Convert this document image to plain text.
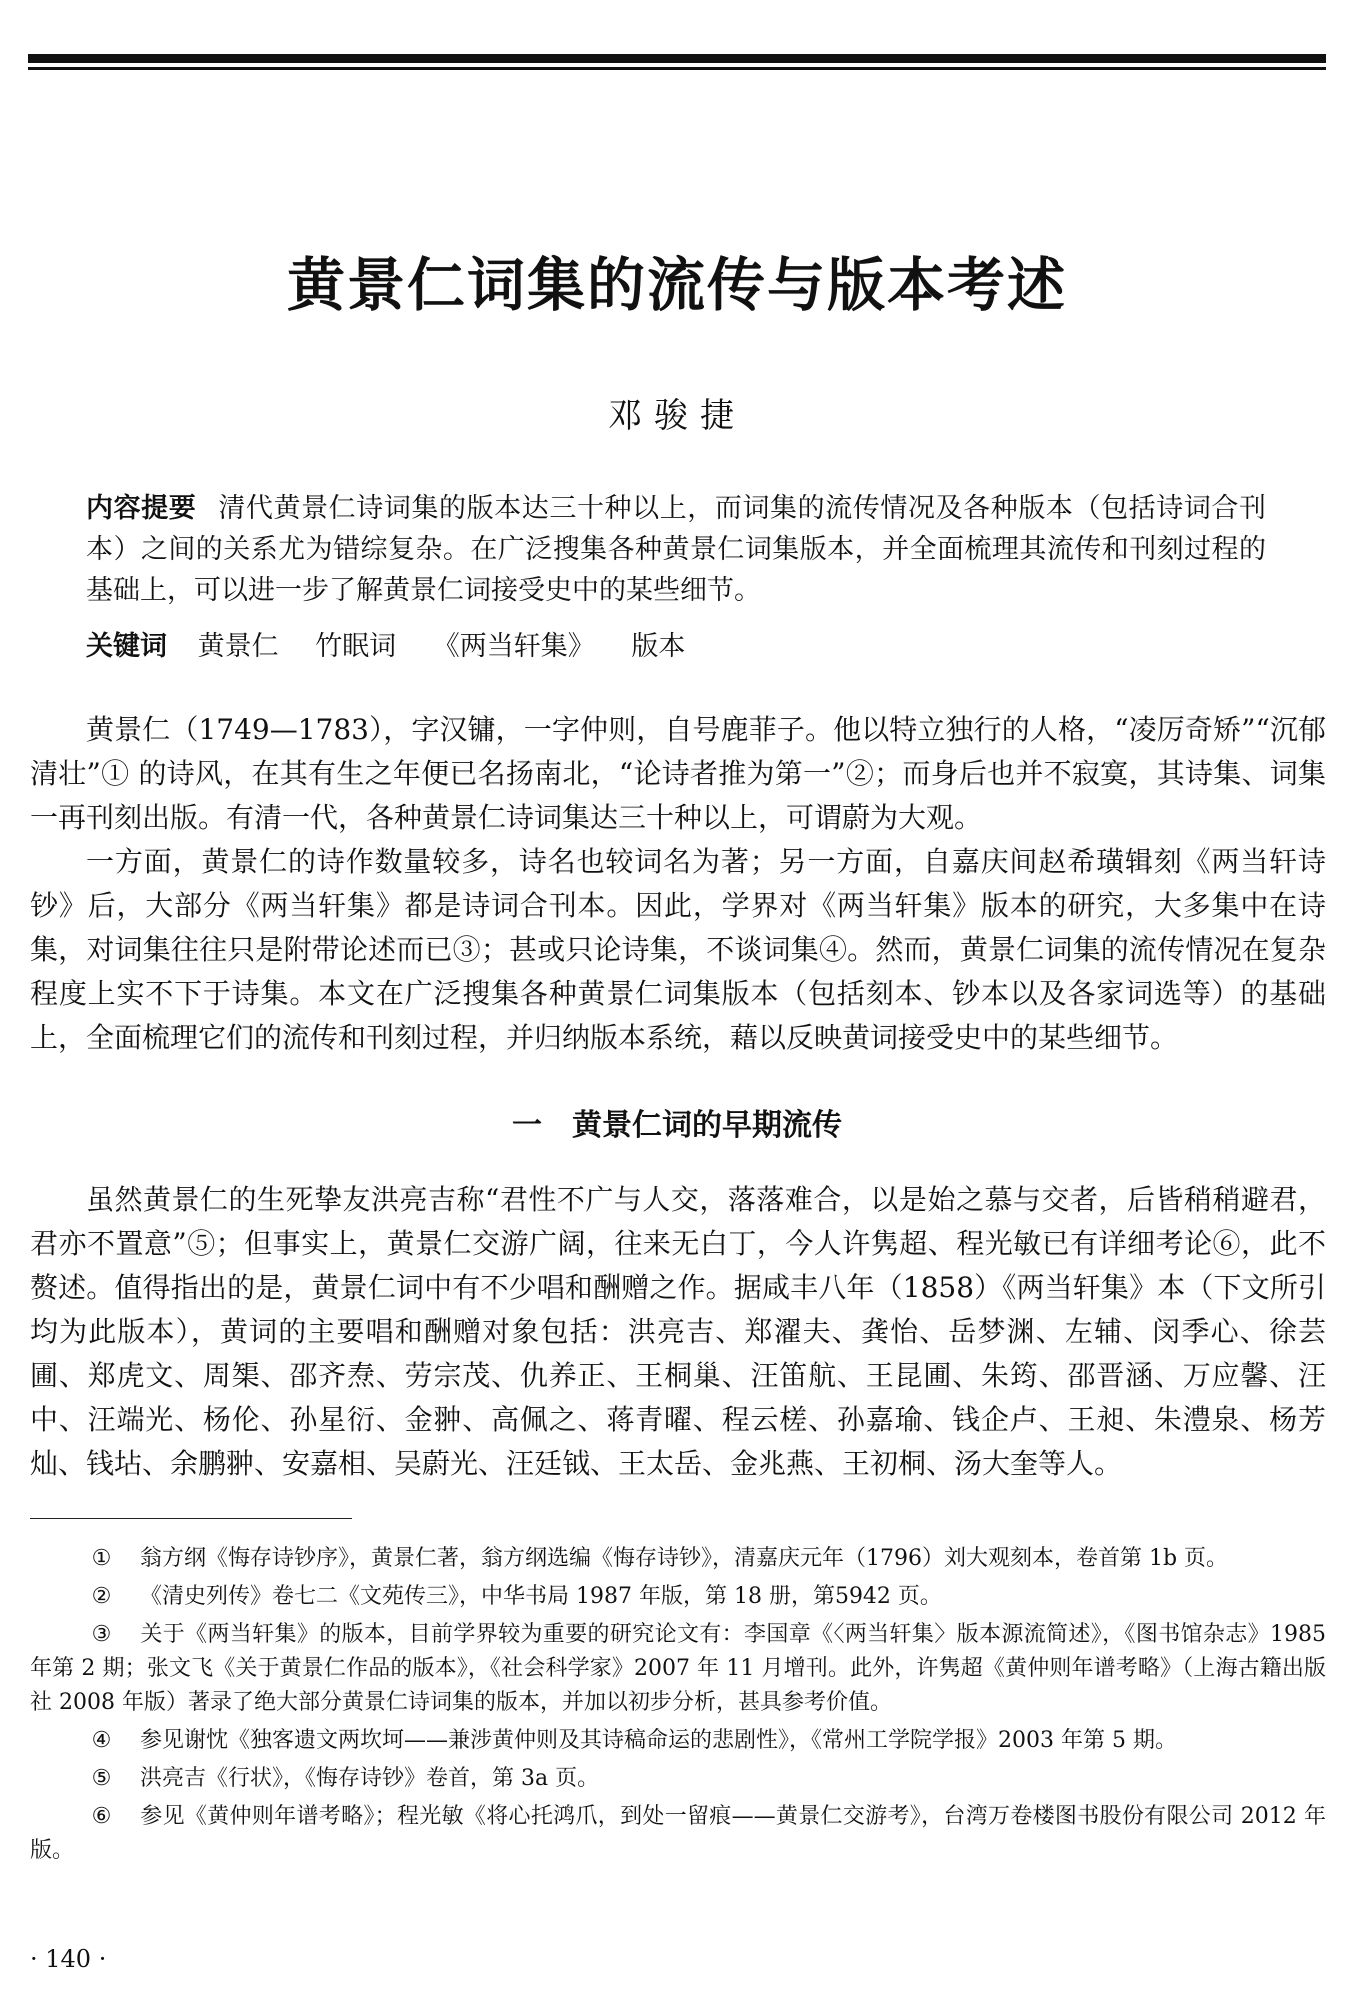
黄景仁词集的流传与版本考述
邓骏捷
内容提要 清代黄景仁诗词集的版本达三十种以上，而词集的流传情况及各种版本（包括诗词合刊本）之间的关系尤为错综复杂。在广泛搜集各种黄景仁词集版本，并全面梳理其流传和刊刻过程的基础上，可以进一步了解黄景仁词接受史中的某些细节。
关键词 黄景仁 竹眠词 《两当轩集》 版本

黄景仁（1749—1783），字汉镛，一字仲则，自号鹿菲子。他以特立独行的人格，“凌厉奇矫”“沉郁清壮”① 的诗风，在其有生之年便已名扬南北，“论诗者推为第一”②；而身后也并不寂寞，其诗集、词集一再刊刻出版。有清一代，各种黄景仁诗词集达三十种以上，可谓蔚为大观。

一方面，黄景仁的诗作数量较多，诗名也较词名为著；另一方面，自嘉庆间赵希璜辑刻《两当轩诗钞》后，大部分《两当轩集》都是诗词合刊本。因此，学界对《两当轩集》版本的研究，大多集中在诗集，对词集往往只是附带论述而已③；甚或只论诗集，不谈词集④。然而，黄景仁词集的流传情况在复杂程度上实不下于诗集。本文在广泛搜集各种黄景仁词集版本（包括刻本、钞本以及各家词选等）的基础上，全面梳理它们的流传和刊刻过程，并归纳版本系统，藉以反映黄词接受史中的某些细节。

一　黄景仁词的早期流传

虽然黄景仁的生死挚友洪亮吉称“君性不广与人交，落落难合，以是始之慕与交者，后皆稍稍避君，君亦不置意”⑤；但事实上，黄景仁交游广阔，往来无白丁，今人许隽超、程光敏已有详细考论⑥，此不赘述。值得指出的是，黄景仁词中有不少唱和酬赠之作。据咸丰八年（1858）《两当轩集》本（下文所引均为此版本），黄词的主要唱和酬赠对象包括：洪亮吉、郑濯夫、龚怡、岳梦渊、左辅、闵季心、徐芸圃、郑虎文、周榘、邵齐焘、劳宗茂、仇养正、王桐巢、汪笛航、王昆圃、朱筠、邵晋涵、万应馨、汪中、汪端光、杨伦、孙星衍、金翀、高佩之、蒋青曜、程云槎、孙嘉瑜、钱企卢、王昶、朱澧泉、杨芳灿、钱坫、余鹏翀、安嘉相、吴蔚光、汪廷钺、王太岳、金兆燕、王初桐、汤大奎等人。

① 翁方纲《悔存诗钞序》，黄景仁著，翁方纲选编《悔存诗钞》，清嘉庆元年（1796）刘大观刻本，卷首第 1b 页。

② 《清史列传》卷七二《文苑传三》，中华书局 1987 年版，第 18 册，第5942 页。

③ 关于《两当轩集》的版本，目前学界较为重要的研究论文有：李国章《〈两当轩集〉版本源流简述》，《图书馆杂志》1985 年第 2 期；张文飞《关于黄景仁作品的版本》，《社会科学家》2007 年 11 月增刊。此外，许隽超《黄仲则年谱考略》（上海古籍出版社 2008 年版）著录了绝大部分黄景仁诗词集的版本，并加以初步分析，甚具参考价值。

④ 参见谢忱《独客遗文两坎坷——兼涉黄仲则及其诗稿命运的悲剧性》，《常州工学院学报》2003 年第 5 期。

⑤ 洪亮吉《行状》，《悔存诗钞》卷首，第 3a 页。

⑥ 参见《黄仲则年谱考略》；程光敏《将心托鸿爪，到处一留痕——黄景仁交游考》，台湾万卷楼图书股份有限公司 2012 年版。

· 140 ·
